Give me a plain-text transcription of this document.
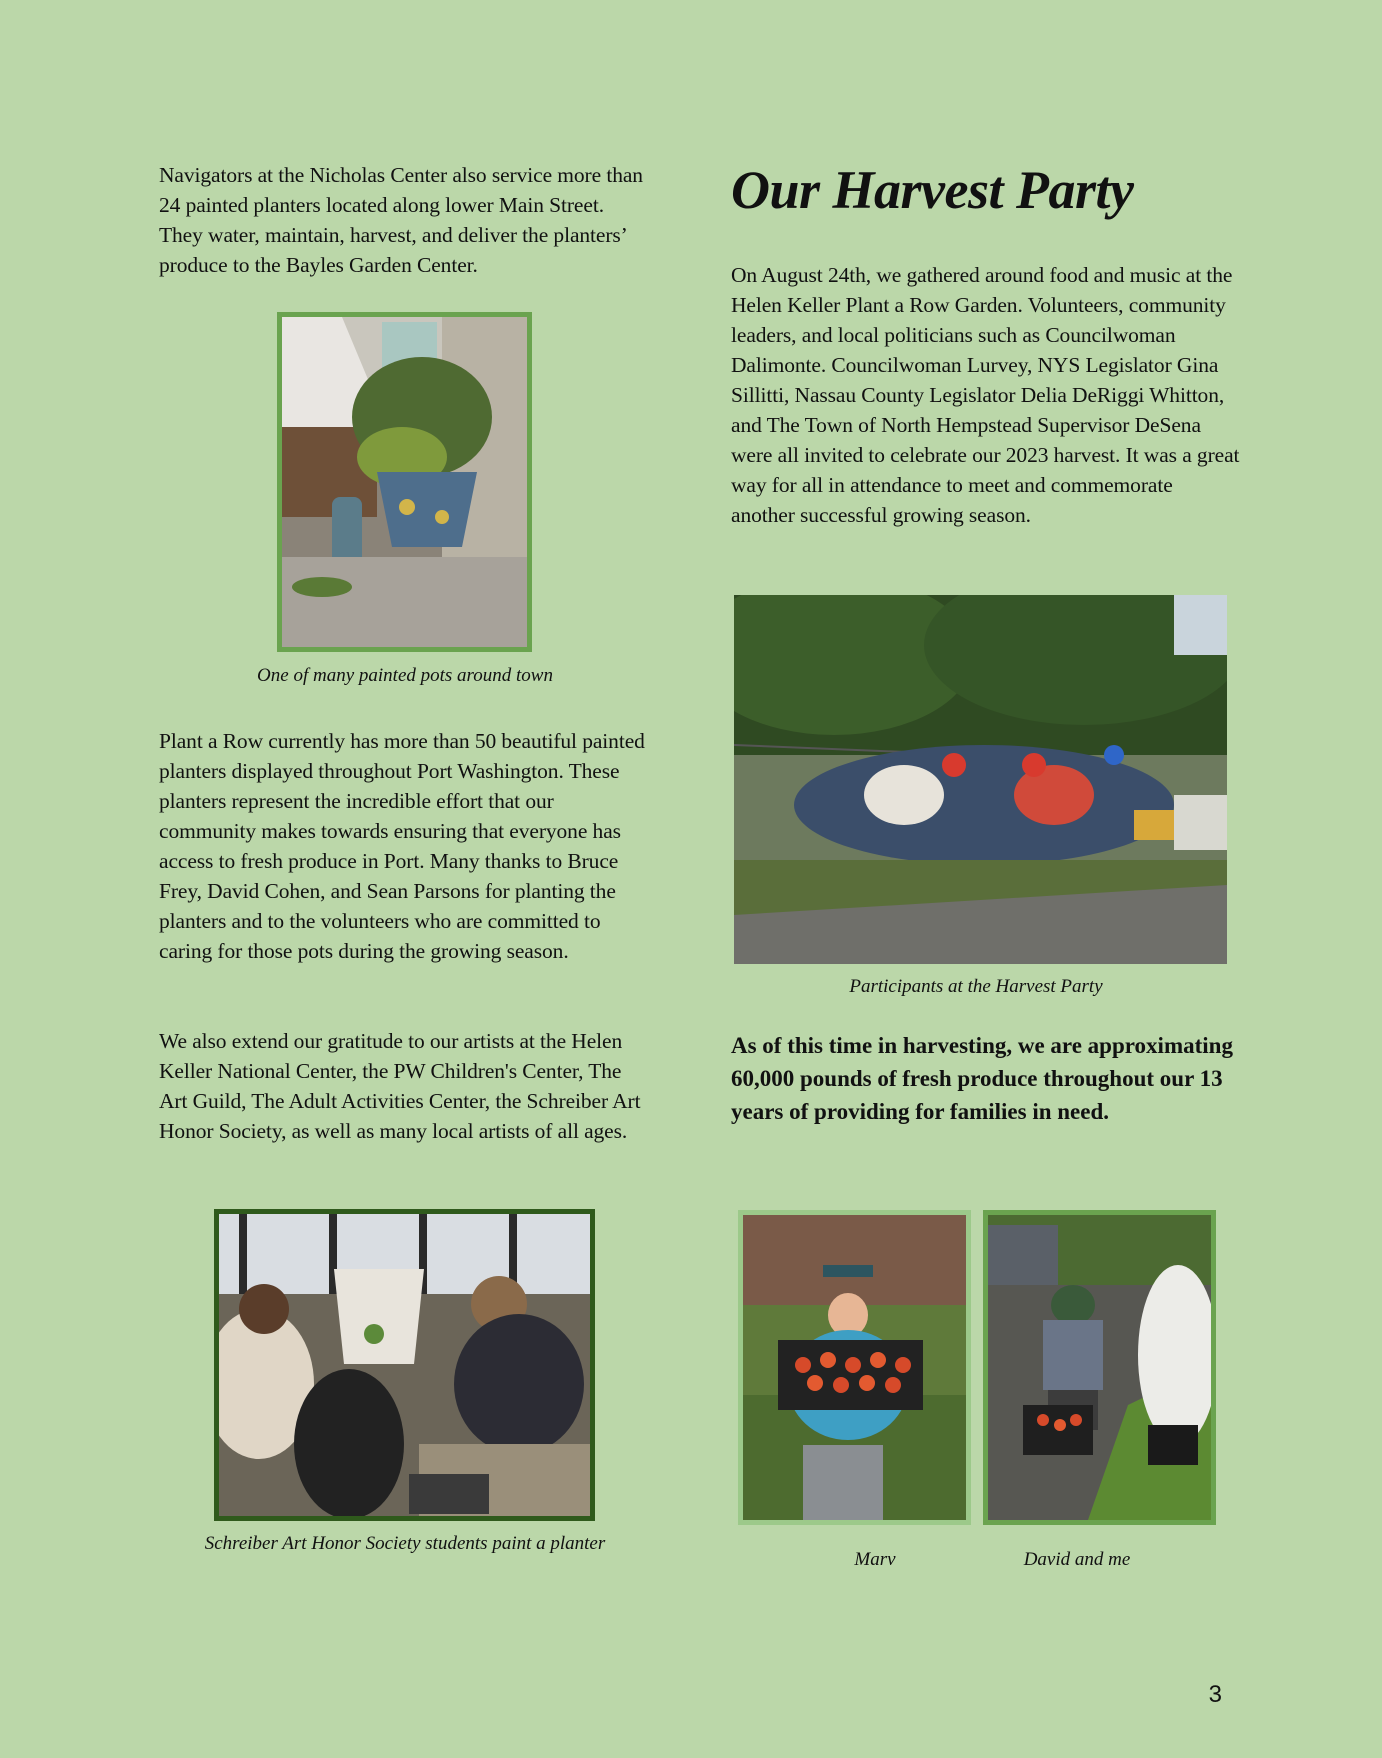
Navigators at the Nicholas Center also service more than 24 painted planters located along lower Main Street. They water, maintain, harvest, and deliver the planters’ produce to the Bayles Garden Center.

One of many painted pots around town

Plant a Row currently has more than 50 beautiful painted planters displayed throughout Port Washington. These planters represent the incredible effort that our community makes towards ensuring that everyone has access to fresh produce in Port. Many thanks to Bruce Frey, David Cohen, and Sean Parsons for planting the planters and to the volunteers who are committed to caring for those pots during the growing season.

We also extend our gratitude to our artists at the Helen Keller National Center, the PW Children's Center, The Art Guild, The Adult Activities Center, the Schreiber Art Honor Society, as well as many local artists of all ages.

Schreiber Art Honor Society students paint a planter
Our Harvest Party

On August 24th, we gathered around food and music at the Helen Keller Plant a Row Garden. Volunteers, community leaders, and local politicians such as Councilwoman Dalimonte. Councilwoman Lurvey, NYS Legislator Gina Sillitti, Nassau County Legislator Delia DeRiggi Whitton, and The Town of North Hempstead Supervisor DeSena were all invited to celebrate our 2023 harvest. It was a great way for all in attendance to meet and commemorate another successful growing season.

Participants at the Harvest Party

As of this time in harvesting, we are approximating 60,000 pounds of fresh produce throughout our 13 years of providing for families in need.

Marv	David and me
3
